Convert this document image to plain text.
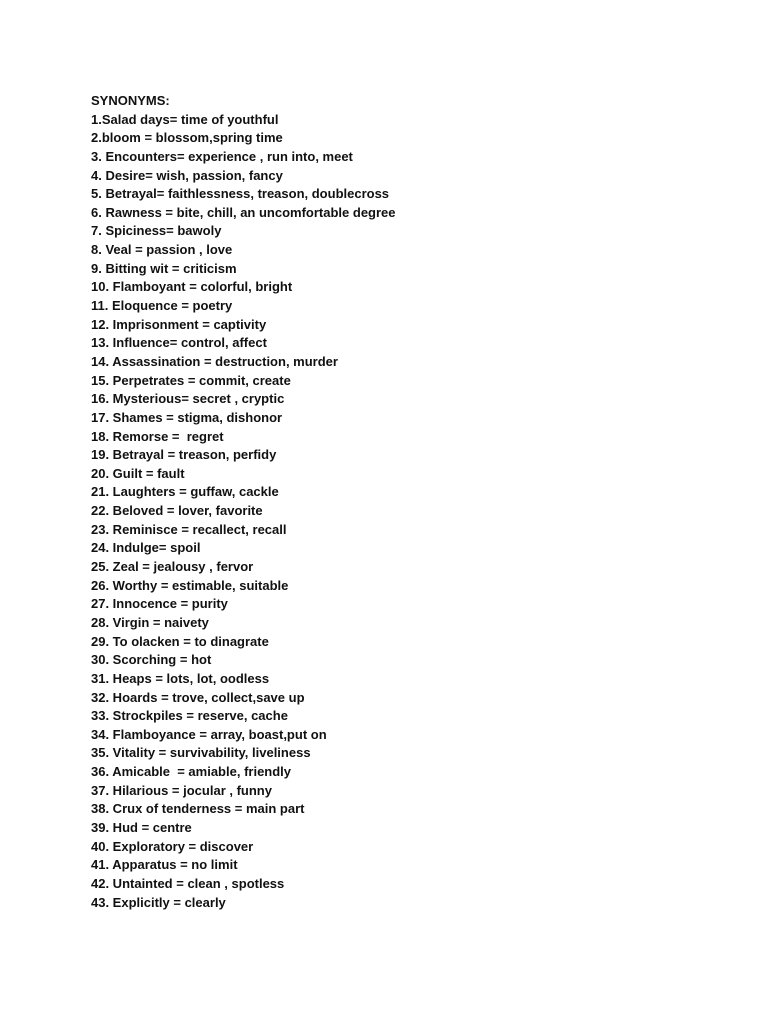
SYNONYMS:
1.Salad days= time of youthful
2.bloom = blossom,spring time
3. Encounters= experience , run into, meet
4. Desire= wish, passion, fancy
5. Betrayal= faithlessness, treason, doublecross
6. Rawness = bite, chill, an uncomfortable degree
7. Spiciness= bawoly
8. Veal = passion , love
9. Bitting wit = criticism
10. Flamboyant = colorful, bright
11. Eloquence = poetry
12. Imprisonment = captivity
13. Influence= control, affect
14. Assassination = destruction, murder
15. Perpetrates = commit, create
16. Mysterious= secret , cryptic
17. Shames = stigma, dishonor
18. Remorse =  regret
19. Betrayal = treason, perfidy
20. Guilt = fault
21. Laughters = guffaw, cackle
22. Beloved = lover, favorite
23. Reminisce = recallect, recall
24. Indulge= spoil
25. Zeal = jealousy , fervor
26. Worthy = estimable, suitable
27. Innocence = purity
28. Virgin = naivety
29. To olacken = to dinagrate
30. Scorching = hot
31. Heaps = lots, lot, oodless
32. Hoards = trove, collect,save up
33. Strockpiles = reserve, cache
34. Flamboyance = array, boast,put on
35. Vitality = survivability, liveliness
36. Amicable  = amiable, friendly
37. Hilarious = jocular , funny
38. Crux of tenderness = main part
39. Hud = centre
40. Exploratory = discover
41. Apparatus = no limit
42. Untainted = clean , spotless
43. Explicitly = clearly
